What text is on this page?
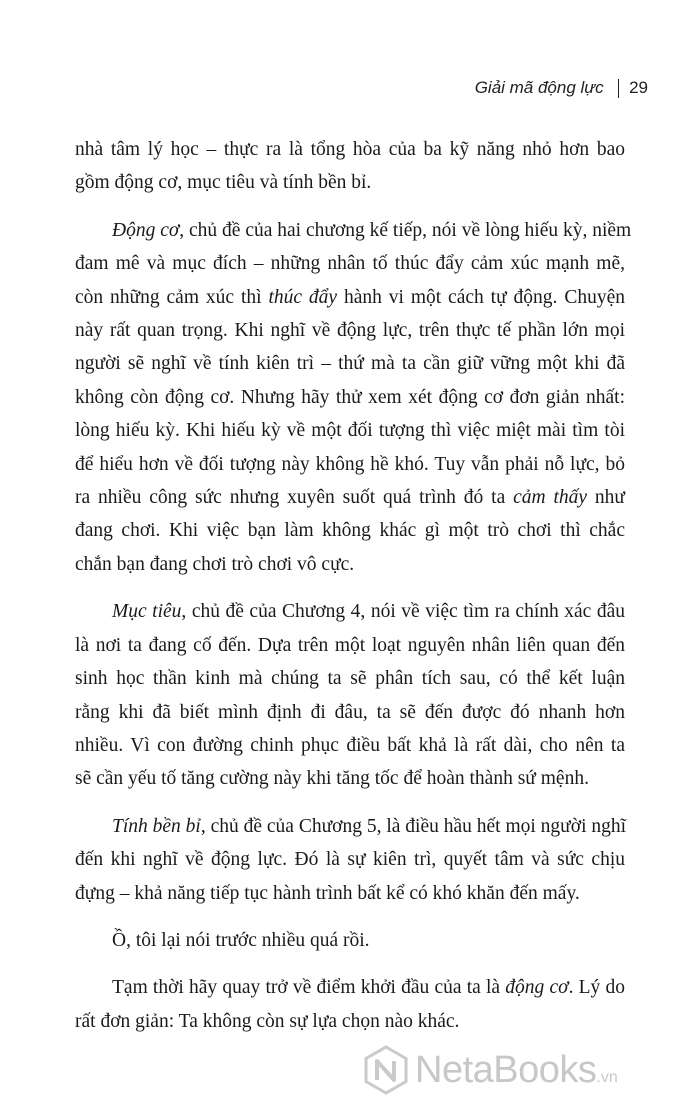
Giải mã động lực 29

nhà tâm lý học – thực ra là tổng hòa của ba kỹ năng nhỏ hơn bao
gồm động cơ, mục tiêu và tính bền bỉ.

Động cơ, chủ đề của hai chương kế tiếp, nói về lòng hiếu kỳ, niềm
đam mê và mục đích – những nhân tố thúc đẩy cảm xúc mạnh mẽ,
còn những cảm xúc thì thúc đẩy hành vi một cách tự động. Chuyện
này rất quan trọng. Khi nghĩ về động lực, trên thực tế phần lớn mọi
người sẽ nghĩ về tính kiên trì – thứ mà ta cần giữ vững một khi đã
không còn động cơ. Nhưng hãy thử xem xét động cơ đơn giản nhất:
lòng hiếu kỳ. Khi hiếu kỳ về một đối tượng thì việc miệt mài tìm tòi
để hiểu hơn về đối tượng này không hề khó. Tuy vẫn phải nỗ lực, bỏ
ra nhiều công sức nhưng xuyên suốt quá trình đó ta cảm thấy như
đang chơi. Khi việc bạn làm không khác gì một trò chơi thì chắc
chắn bạn đang chơi trò chơi vô cực.

Mục tiêu, chủ đề của Chương 4, nói về việc tìm ra chính xác đâu
là nơi ta đang cố đến. Dựa trên một loạt nguyên nhân liên quan đến
sinh học thần kinh mà chúng ta sẽ phân tích sau, có thể kết luận
rằng khi đã biết mình định đi đâu, ta sẽ đến được đó nhanh hơn
nhiều. Vì con đường chinh phục điều bất khả là rất dài, cho nên ta
sẽ cần yếu tố tăng cường này khi tăng tốc để hoàn thành sứ mệnh.

Tính bền bỉ, chủ đề của Chương 5, là điều hầu hết mọi người nghĩ
đến khi nghĩ về động lực. Đó là sự kiên trì, quyết tâm và sức chịu
đựng – khả năng tiếp tục hành trình bất kể có khó khăn đến mấy.

Ồ, tôi lại nói trước nhiều quá rồi.

Tạm thời hãy quay trở về điểm khởi đầu của ta là động cơ. Lý do
rất đơn giản: Ta không còn sự lựa chọn nào khác.

NetaBooks .vn
